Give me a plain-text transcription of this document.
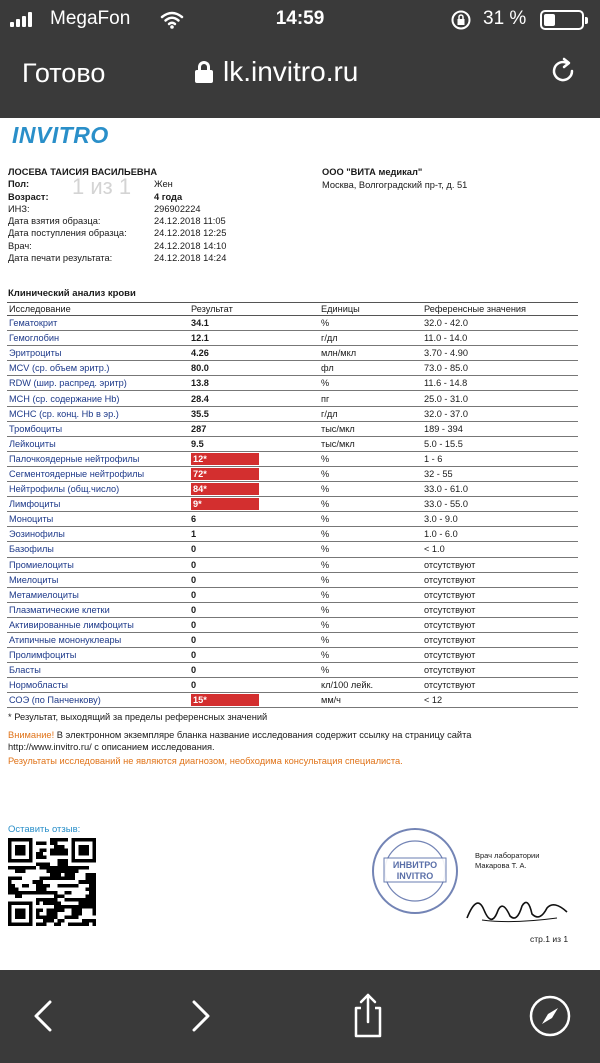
MegaFon	14:59	31 %
Готово	lk.invitro.ru
INVITRO
ЛОСЕВА ТАИСИЯ ВАСИЛЬЕВНА
Пол:	Жен
Возраст:	4 года
ИНЗ:	296902224
Дата взятия образца:	24.12.2018 11:05
Дата поступления образца:	24.12.2018 12:25
Врач:	24.12.2018 14:10
Дата печати результата:	24.12.2018 14:24
1 из 1
ООО "ВИТА медикал"
Москва, Волгоградский пр-т, д. 51
Клинический анализ крови
Исследование	Результат	Единицы	Референсные значения
Гематокрит	34.1	%	32.0 - 42.0
Гемоглобин	12.1	г/дл	11.0 - 14.0
Эритроциты	4.26	млн/мкл	3.70 - 4.90
MCV (ср. объем эритр.)	80.0	фл	73.0 - 85.0
RDW (шир. распред. эритр)	13.8	%	11.6 - 14.8
MCH (ср. содержание Hb)	28.4	пг	25.0 - 31.0
MCHC (ср. конц. Hb в эр.)	35.5	г/дл	32.0 - 37.0
Тромбоциты	287	тыс/мкл	189 - 394
Лейкоциты	9.5	тыс/мкл	5.0 - 15.5
Палочкоядерные нейтрофилы	12*	%	1 - 6
Сегментоядерные нейтрофилы	72*	%	32 - 55
Нейтрофилы (общ.число)	84*	%	33.0 - 61.0
Лимфоциты	9*	%	33.0 - 55.0
Моноциты	6	%	3.0 - 9.0
Эозинофилы	1	%	1.0 - 6.0
Базофилы	0	%	< 1.0
Промиелоциты	0	%	отсутствуют
Миелоциты	0	%	отсутствуют
Метамиелоциты	0	%	отсутствуют
Плазматические клетки	0	%	отсутствуют
Активированные лимфоциты	0	%	отсутствуют
Атипичные мононуклеары	0	%	отсутствуют
Пролимфоциты	0	%	отсутствуют
Бласты	0	%	отсутствуют
Нормобласты	0	кл/100 лейк.	отсутствуют
СОЭ (по Панченкову)	15*	мм/ч	< 12
* Результат, выходящий за пределы референсных значений
Внимание! В электронном экземпляре бланка название исследования содержит ссылку на страницу сайта
http://www.invitro.ru/ с описанием исследования.
Результаты исследований не являются диагнозом, необходима консультация специалиста.
Оставить отзыв:
ИНВИТРО
INVITRO
Врач лаборатории
Макарова Т. А.
стр.1 из 1
